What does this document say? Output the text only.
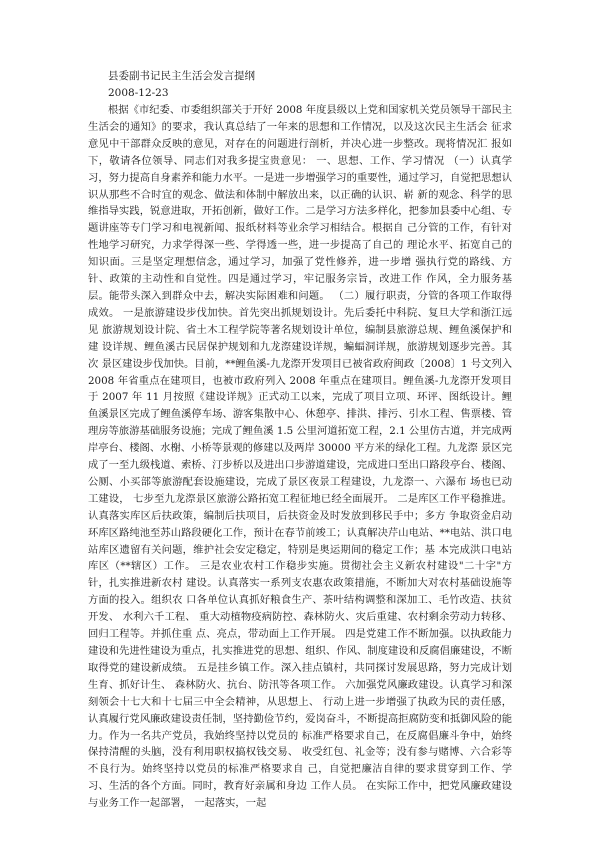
县委副书记民主生活会发言提纲
2008-12-23

根据《市纪委、市委组织部关于开好 2008 年度县级以上党和国家机关党员领导干部民主生活会的通知》的要求，我认真总结了一年来的思想和工作情况，以及这次民主生活会 征求意见中干部群众反映的意见，对存在的问题进行剖析，并决心进一步整改。现将情况汇 报如下，敬请各位领导、同志们对我多提宝贵意见： 一、思想、工作、学习情况 （一）认真学习，努力提高自身素养和能力水平。一是进一步增强学习的重要性，通过学习，自觉把思想认识从那些不合时宜的观念、做法和体制中解放出来，以正确的认识、崭 新的观念、科学的思维指导实践，锐意进取，开拓创新，做好工作。二是学习方法多样化，把参加县委中心组、专题讲座等专门学习和电视新闻、报纸材料等业余学习相结合。根据自 己分管的工作，有针对性地学习研究，力求学得深一些、学得透一些，进一步提高了自己的 理论水平、拓宽自己的知识面。三是坚定理想信念，通过学习，加强了党性修养，进一步增 强执行党的路线、方针、政策的主动性和自觉性。四是通过学习，牢记服务宗旨，改进工作 作风，全力服务基层。能带头深入到群众中去，解决实际困难和问题。 （二）履行职责，分管的各项工作取得成效。 一是旅游建设步伐加快。首先突出抓规划设计。先后委托中科院、复旦大学和浙江远见 旅游规划设计院、省土木工程学院等著名规划设计单位，编制县旅游总规、鲤鱼溪保护和建 设详规、鲤鱼溪古民居保护规划和九龙漈建设详规，蝙蝠洞详规，旅游规划逐步完善。其次 景区建设步伐加快。目前，**鲤鱼溪-九龙漈开发项目已被省政府闽政〔2008〕1 号文列入 2008 年省重点在建项目，也被市政府列入 2008 年重点在建项目。鲤鱼溪-九龙漈开发项目于 2007 年 11 月按照《建设详规》正式动工以来，完成了项目立项、环评、图纸设计。鲤 鱼溪景区完成了鲤鱼溪停车场、游客集散中心、休憩亭、排洪、排污、引水工程、售票楼、管理房等旅游基础服务设施；完成了鲤鱼溪 1.5 公里河道拓宽工程，2.1 公里仿古道，并完成两岸亭台、楼阁、水榭、小桥等景观的修建以及两岸 30000 平方米的绿化工程。九龙漈 景区完成了一至九级栈道、索桥、汀步桥以及进出口步游道建设，完成进口至出口路段亭台、楼阁、公厕、小买部等旅游配套设施建设，完成了景区夜景工程建设，九龙漈一、六瀑布 场也已动工建设， 七步至九龙漈景区旅游公路拓宽工程征地已经全面展开。 二是库区工作平稳推进。认真落实库区后扶政策，编制后扶项目，后扶资金及时发放到移民手中；多方 争取资金启动环库区路纯池至苏山路段硬化工作，预计在春节前竣工；认真解决芹山电站、**电站、洪口电站库区遗留有关问题，维护社会安定稳定，特别是奥运期间的稳定工作；基 本完成洪口电站库区（**辖区）工作。 三是农业农村工作稳步实施。贯彻社会主义新农村建设"二十字"方针，扎实推进新农村 建设。认真落实一系列支农惠农政策措施，不断加大对农村基础设施等方面的投入。组织农 口各单位认真抓好粮食生产、茶叶结构调整和深加工、毛竹改造、扶贫开发、 水利六千工程、 重大动植物疫病防控、森林防火、灾后重建、农村剩余劳动力转移、回归工程等。并抓住重 点、亮点，带动面上工作开展。 四是党建工作不断加强。以执政能力建设和先进性建设为重点，扎实推进党的思想、组织、作风、制度建设和反腐倡廉建设，不断取得党的建设新成绩。 五是挂乡镇工作。深入挂点镇村，共同探讨发展思路，努力完成计划生育、抓好计生、 森林防火、抗台、防汛等各项工作。 六加强党风廉政建设。认真学习和深刻领会十七大和十七届三中全会精神，从思想上、 行动上进一步增强了执政为民的责任感， 认真履行党风廉政建设责任制，坚持勤俭节约，爱岗奋斗，不断提高拒腐防变和抵御风险的能力。作为一名共产党员，我始终坚持以党员的 标准严格要求自己，在反腐倡廉斗争中，始终保持清醒的头脑，没有利用职权搞权钱交易、 收受红包、礼金等；没有参与赌博、六合彩等不良行为。始终坚持以党员的标准严格要求自 己，自觉把廉洁自律的要求贯穿到工作、学习、生活的各个方面。同时，教育好亲属和身边 工作人员。 在实际工作中，把党风廉政建设与业务工作一起部署， 一起落实，一起
